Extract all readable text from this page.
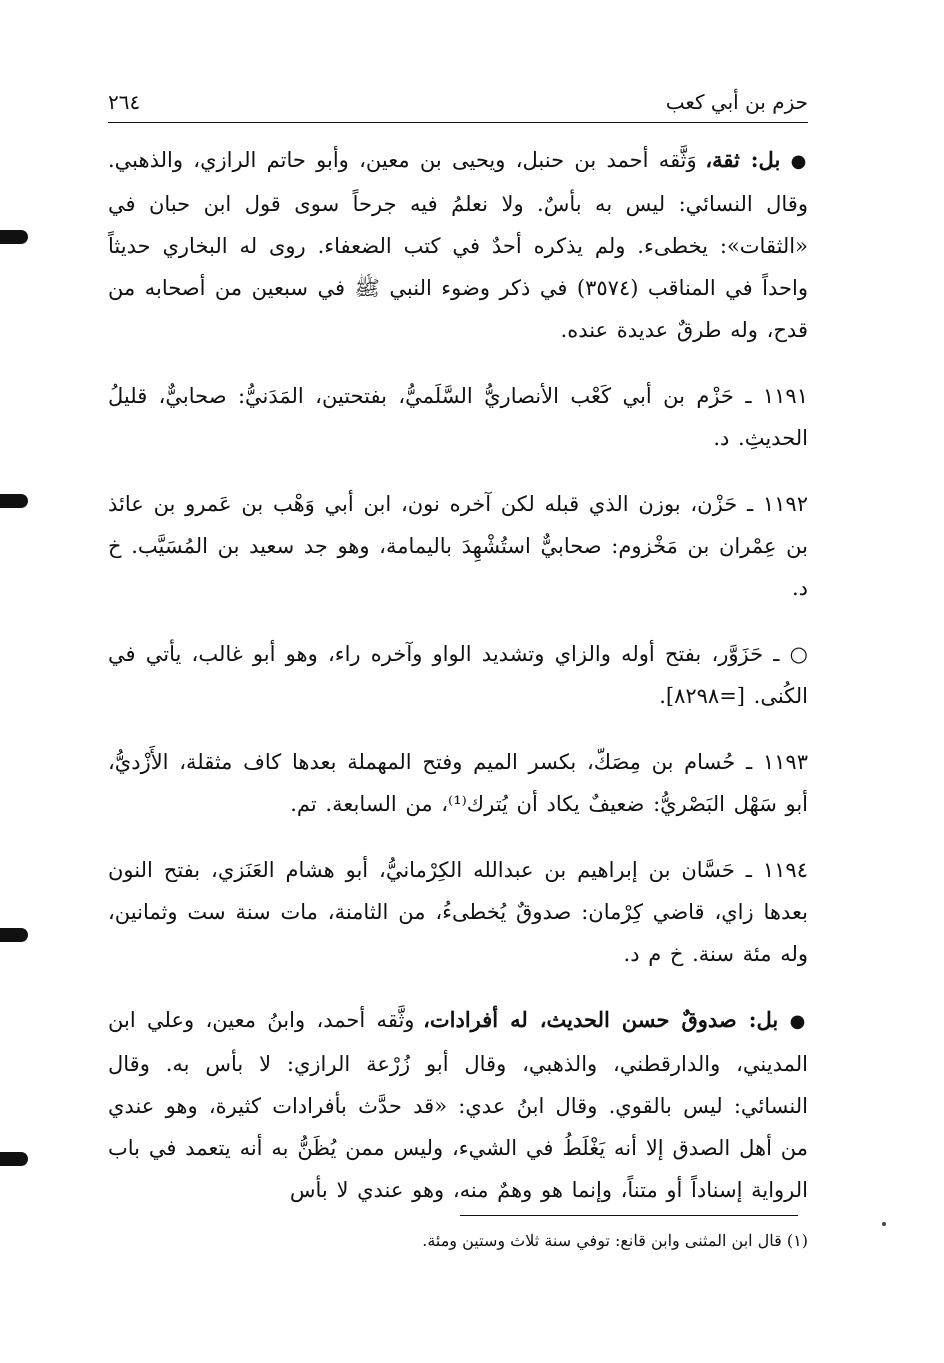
حزم بن أبي كعب
٢٦٤

● بل: ثقة، وَثَّقه أحمد بن حنبل، ويحيى بن معين، وأبو حاتم الرازي، والذهبي. وقال النسائي: ليس به بأسٌ. ولا نعلمُ فيه جرحاً سوى قول ابن حبان في «الثقات»: يخطىء. ولم يذكره أحدٌ في كتب الضعفاء. روى له البخاري حديثاً واحداً في المناقب (٣٥٧٤) في ذكر وضوء النبي ﷺ في سبعين من أصحابه من قدح، وله طرقٌ عديدة عنده.

١١٩١ ـ حَزْم بن أبي كَعْب الأنصاريُّ السَّلَميُّ، بفتحتين، المَدَنيُّ: صحابيٌّ، قليلُ الحديثِ. د.

١١٩٢ ـ حَزْن، بوزن الذي قبله لكن آخره نون، ابن أبي وَهْب بن عَمرو بن عائذ بن عِمْران بن مَخْزوم: صحابيٌّ استُشْهِدَ باليمامة، وهو جد سعيد بن المُسَيَّب. خ د.

○ ـ حَزَوَّر، بفتح أوله والزاي وتشديد الواو وآخره راء، وهو أبو غالب، يأتي في الكُنى. [=٨٢٩٨].

١١٩٣ ـ حُسام بن مِصَكّ، بكسر الميم وفتح المهملة بعدها كاف مثقلة، الأَزْديُّ، أبو سَهْل البَصْريُّ: ضعيفٌ يكاد أن يُترك⁽¹⁾، من السابعة. تم.

١١٩٤ ـ حَسَّان بن إبراهيم بن عبدالله الكِرْمانيُّ، أبو هشام العَنَزي، بفتح النون بعدها زاي، قاضي كِرْمان: صدوقٌ يُخطىءُ، من الثامنة، مات سنة ست وثمانين، وله مئة سنة. خ م د.

● بل: صدوقٌ حسن الحديث، له أفرادات، وثَّقه أحمد، وابنُ معين، وعلي ابن المديني، والدارقطني، والذهبي، وقال أبو زُرْعة الرازي: لا بأس به. وقال النسائي: ليس بالقوي. وقال ابنُ عدي: «قد حدَّث بأفرادات كثيرة، وهو عندي من أهل الصدق إلا أنه يَغْلَطُ في الشيء، وليس ممن يُظَنُّ به أنه يتعمد في باب الرواية إسناداً أو متناً، وإنما هو وهمٌ منه، وهو عندي لا بأس

(١) قال ابن المثنى وابن قانع: توفي سنة ثلاث وستين ومئة.
